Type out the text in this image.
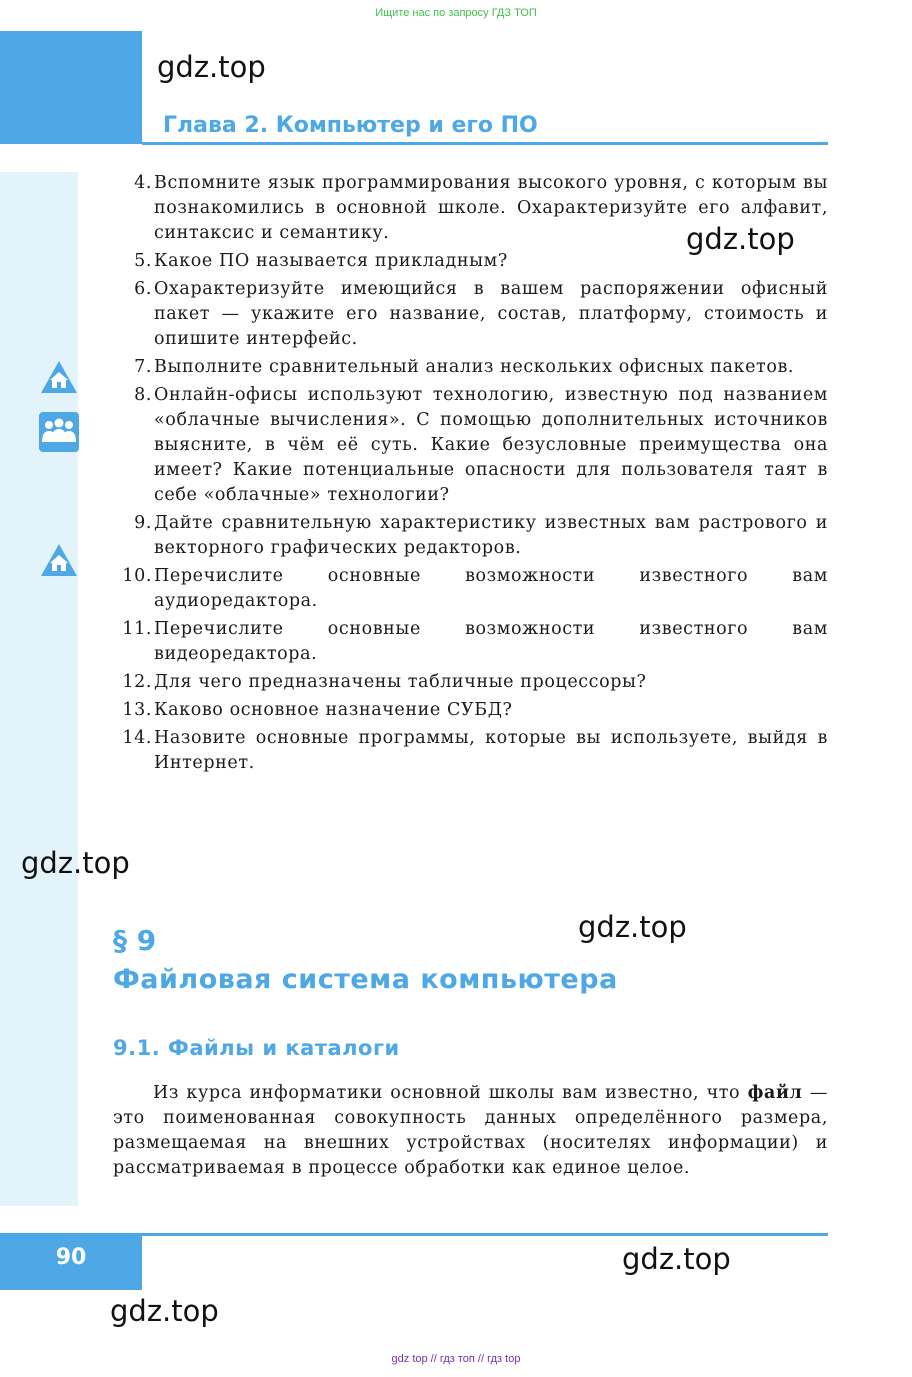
Ищите нас по запросу ГДЗ ТОП
Глава 2. Компьютер и его ПО
gdz.top
gdz.top
gdz.top
gdz.top
gdz.top
gdz.top
4. Вспомните язык программирования высокого уровня, с которым вы познакомились в основной школе. Охарактеризуйте его алфавит, синтаксис и семантику.
5. Какое ПО называется прикладным?
6. Охарактеризуйте имеющийся в вашем распоряжении офисный пакет — укажите его название, состав, платформу, стоимость и опишите интерфейс.
7. Выполните сравнительный анализ нескольких офисных пакетов.
8. Онлайн-офисы используют технологию, известную под названием «облачные вычисления». С помощью дополнительных источников выясните, в чём её суть. Какие безусловные преимущества она имеет? Какие потенциальные опасности для пользователя таят в себе «облачные» технологии?
9. Дайте сравнительную характеристику известных вам растрового и векторного графических редакторов.
10. Перечислите основные возможности известного вам аудиоредактора.
11. Перечислите основные возможности известного вам видеоредактора.
12. Для чего предназначены табличные процессоры?
13. Каково основное назначение СУБД?
14. Назовите основные программы, которые вы используете, выйдя в Интернет.
§ 9
Файловая система компьютера
9.1. Файлы и каталоги
Из курса информатики основной школы вам известно, что файл — это поименованная совокупность данных определённого размера, размещаемая на внешних устройствах (носителях информации) и рассматриваемая в процессе обработки как единое целое.
90
gdz top // гдз топ // гдз top
